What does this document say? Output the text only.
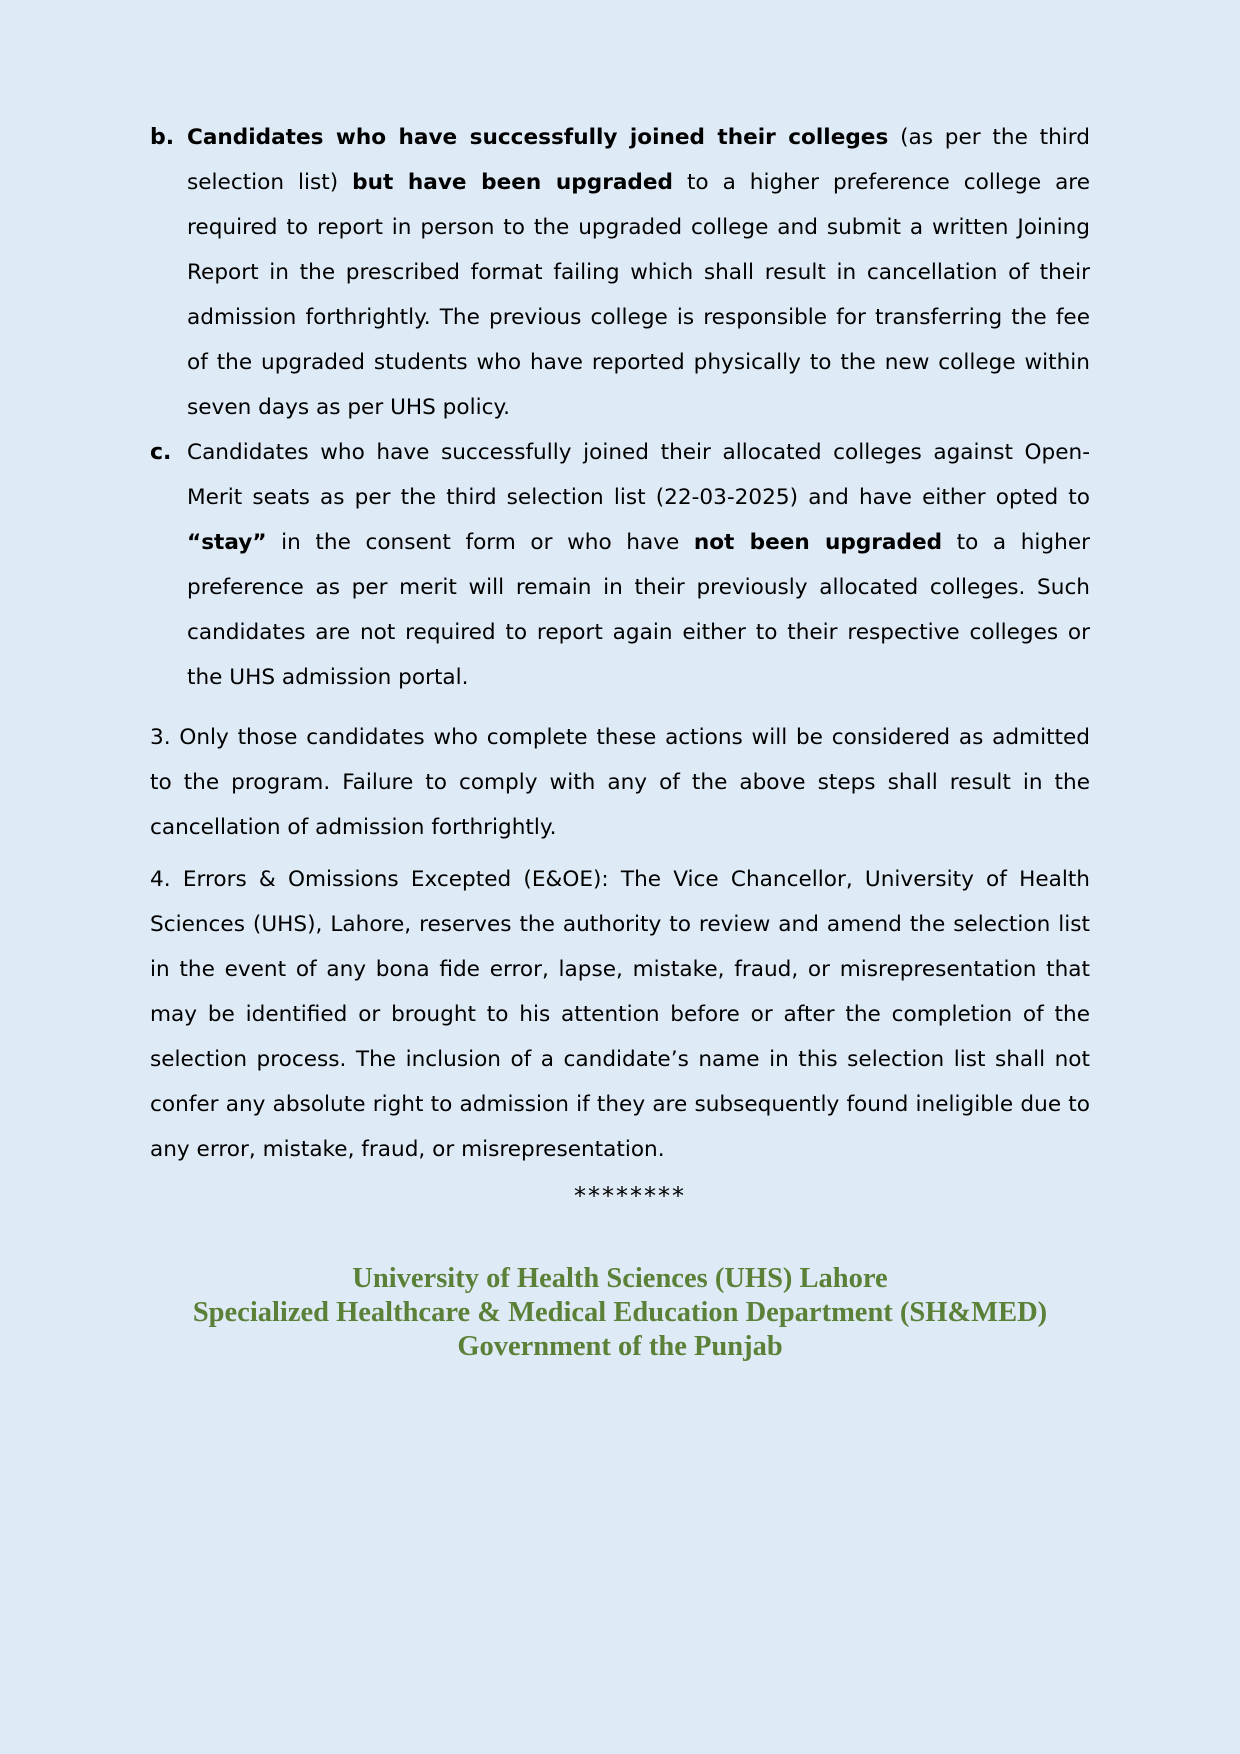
b. Candidates who have successfully joined their colleges (as per the third selection list) but have been upgraded to a higher preference college are required to report in person to the upgraded college and submit a written Joining Report in the prescribed format failing which shall result in cancellation of their admission forthrightly. The previous college is responsible for transferring the fee of the upgraded students who have reported physically to the new college within seven days as per UHS policy.
c. Candidates who have successfully joined their allocated colleges against Open-Merit seats as per the third selection list (22-03-2025) and have either opted to “stay” in the consent form or who have not been upgraded to a higher preference as per merit will remain in their previously allocated colleges. Such candidates are not required to report again either to their respective colleges or the UHS admission portal.

3. Only those candidates who complete these actions will be considered as admitted to the program. Failure to comply with any of the above steps shall result in the cancellation of admission forthrightly.

4. Errors & Omissions Excepted (E&OE): The Vice Chancellor, University of Health Sciences (UHS), Lahore, reserves the authority to review and amend the selection list in the event of any bona fide error, lapse, mistake, fraud, or misrepresentation that may be identified or brought to his attention before or after the completion of the selection process. The inclusion of a candidate’s name in this selection list shall not confer any absolute right to admission if they are subsequently found ineligible due to any error, mistake, fraud, or misrepresentation.

********
University of Health Sciences (UHS) Lahore
Specialized Healthcare & Medical Education Department (SH&MED)
Government of the Punjab
